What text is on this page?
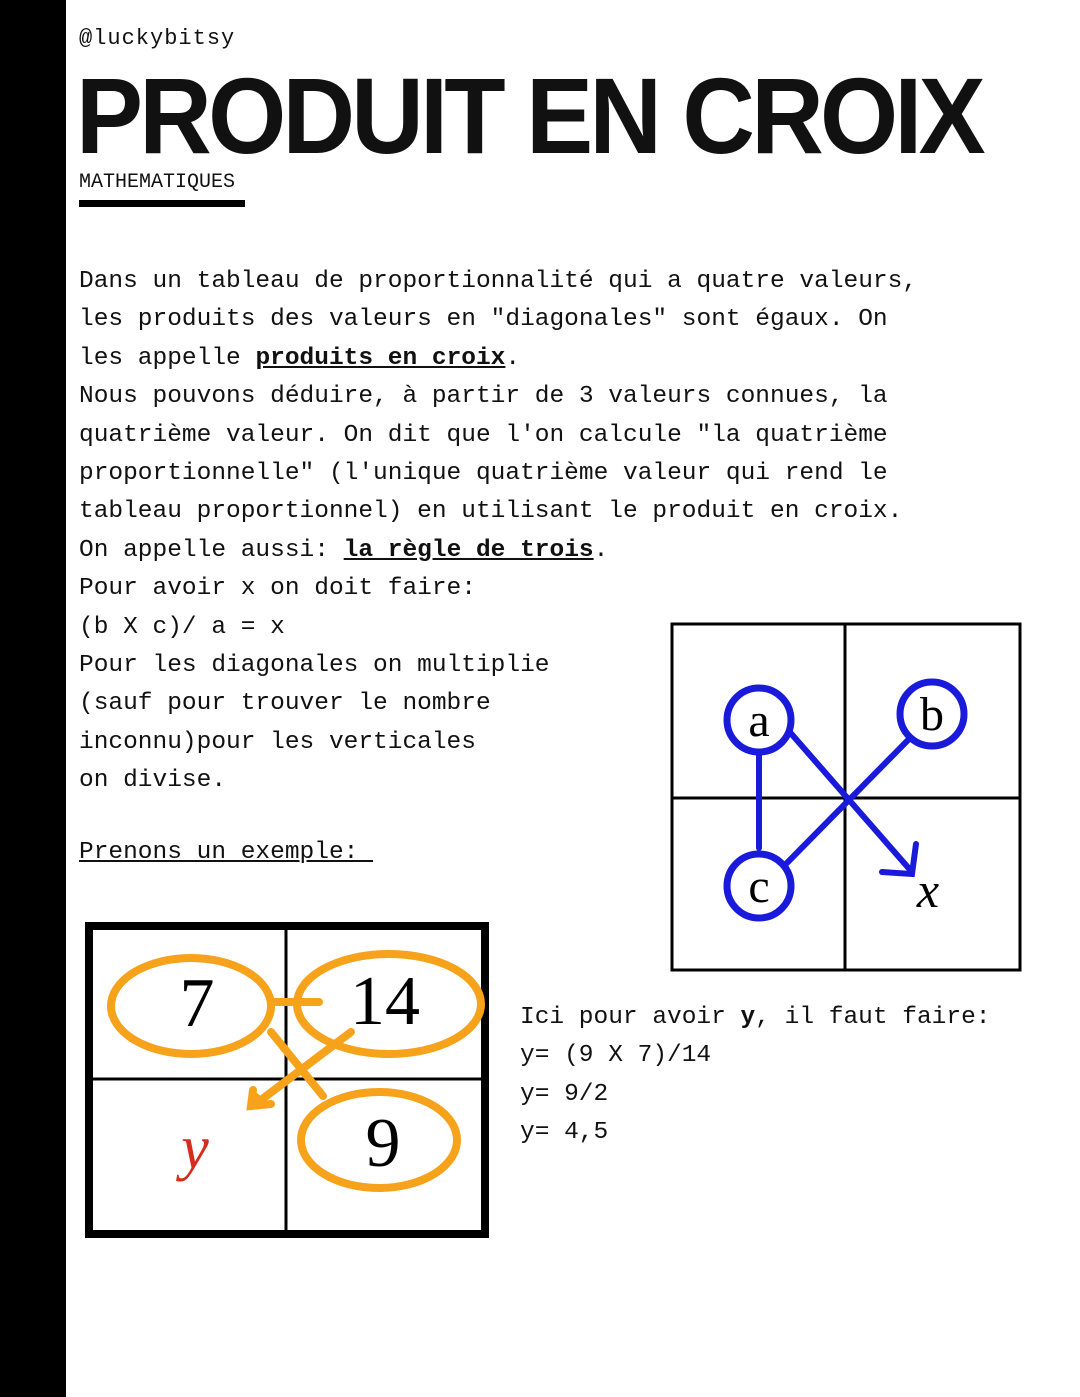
@luckybitsy
PRODUIT EN CROIX
MATHEMATIQUES
Dans un tableau de proportionnalité qui a quatre valeurs,
les produits des valeurs en "diagonales" sont égaux. On
les appelle produits en croix.
Nous pouvons déduire, à partir de 3 valeurs connues, la
quatrième valeur. On dit que l'on calcule "la quatrième
proportionnelle" (l'unique quatrième valeur qui rend le
tableau proportionnel) en utilisant le produit en croix.
On appelle aussi: la règle de trois.
Pour avoir x on doit faire:
(b X c)/ a = x
Pour les diagonales on multiplie
(sauf pour trouver le nombre
inconnu)pour les verticales
on divise.
Prenons un exemple:
a	b
c	x
7 14
9
y
Ici pour avoir y, il faut faire:
y= (9 X 7)/14
y= 9/2
y= 4,5
